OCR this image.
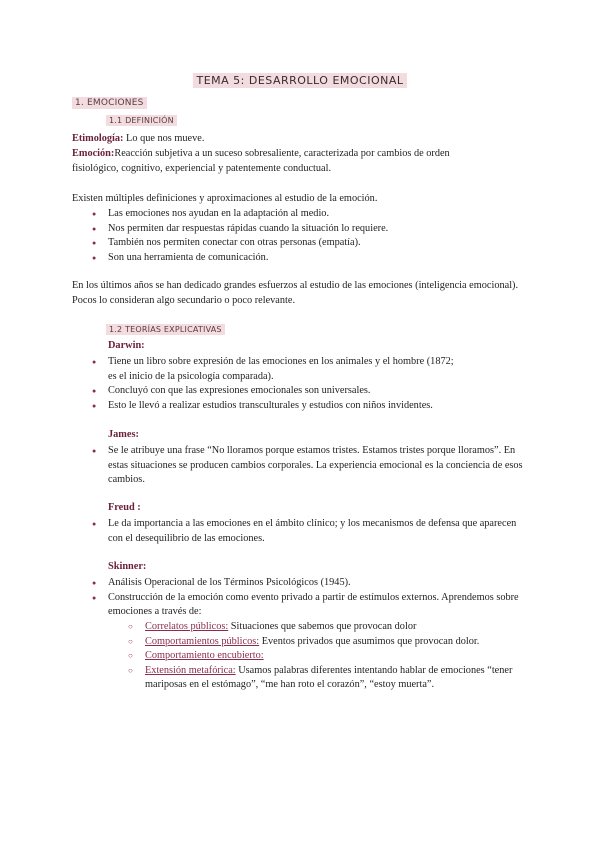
TEMA 5: DESARROLLO EMOCIONAL
1. EMOCIONES
1.1 DEFINICIÓN
Etimología: Lo que nos mueve.
Emoción:Reacción subjetiva a un suceso sobresaliente, caracterizada por cambios de orden
fisiológico, cognitivo, experiencial y patentemente conductual.
Existen múltiples definiciones y aproximaciones al estudio de la emoción.
● Las emociones nos ayudan en la adaptación al medio.
● Nos permiten dar respuestas rápidas cuando la situación lo requiere.
● También nos permiten conectar con otras personas (empatía).
● Son una herramienta de comunicación.
En los últimos años se han dedicado grandes esfuerzos al estudio de las emociones (inteligencia emocional). Pocos lo consideran algo secundario o poco relevante.
1.2 TEORÍAS EXPLICATIVAS
Darwin:
● Tiene un libro sobre expresión de las emociones en los animales y el hombre (1872;
es el inicio de la psicología comparada).
● Concluyó con que las expresiones emocionales son universales.
● Esto le llevó a realizar estudios transculturales y estudios con niños invidentes.
James:
● Se le atribuye una frase “No lloramos porque estamos tristes. Estamos tristes porque lloramos”. En estas situaciones se producen cambios corporales. La experiencia emocional es la conciencia de esos cambios.
Freud :
● Le da importancia a las emociones en el ámbito clínico; y los mecanismos de defensa que aparecen con el desequilibrio de las emociones.
Skinner:
● Análisis Operacional de los Términos Psicológicos (1945).
● Construcción de la emoción como evento privado a partir de estímulos externos. Aprendemos sobre emociones a través de:
○ Correlatos públicos: Situaciones que sabemos que provocan dolor
○ Comportamientos públicos: Eventos privados que asumimos que provocan dolor.
○ Comportamiento encubierto:
○ Extensión metafórica: Usamos palabras diferentes intentando hablar de emociones “tener mariposas en el estómago”, “me han roto el corazón”, “estoy muerta”.
